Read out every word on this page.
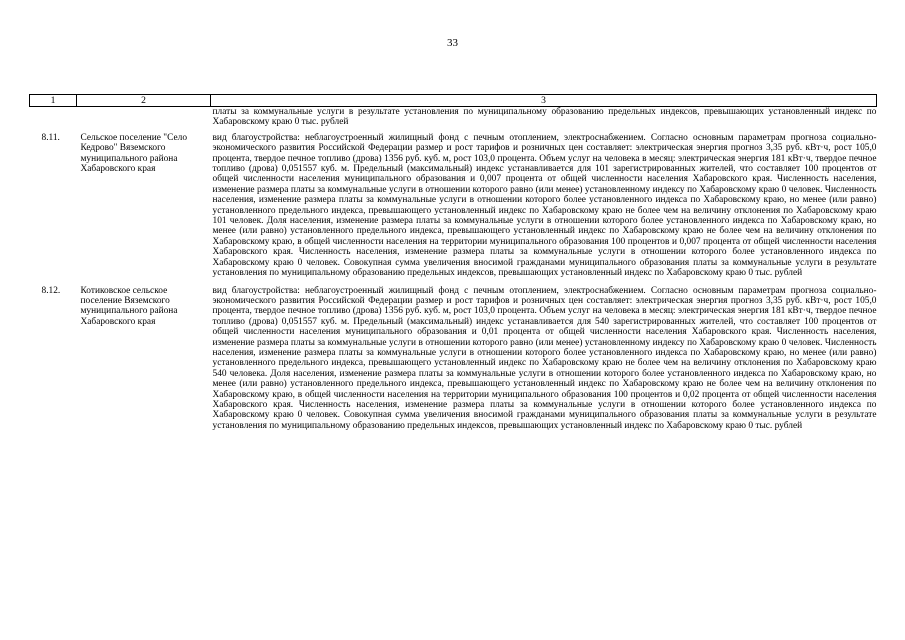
33
1	2	3
		платы за коммунальные услуги в результате установления по муниципальному образованию предельных индексов, превышающих установленный индекс по Хабаровскому краю 0 тыс. рублей
8.11.	Сельское поселение "Село Кедрово" Вяземского муниципального района Хабаровского края	вид благоустройства: неблагоустроенный жилищный фонд с печным отоплением, электроснабжением. Согласно основным параметрам прогноза социально-экономического развития Российской Федерации размер и рост тарифов и розничных цен составляет: электрическая энергия прогноз 3,35 руб. кВт·ч, рост 105,0 процента, твердое печное топливо (дрова) 1356 руб. куб. м, рост 103,0 процента. Объем услуг на человека в месяц: электрическая энергия 181 кВт·ч, твердое печное топливо (дрова) 0,051557 куб. м. Предельный (максимальный) индекс устанавливается для 101 зарегистрированных жителей, что составляет 100 процентов от общей численности населения муниципального образования и 0,007 процента от общей численности населения Хабаровского края. Численность населения, изменение размера платы за коммунальные услуги в отношении которого равно (или менее) установленному индексу по Хабаровскому краю 0 человек. Численность населения, изменение размера платы за коммунальные услуги в отношении которого более установленного индекса по Хабаровскому краю, но менее (или равно) установленного предельного индекса, превышающего установленный индекс по Хабаровскому краю не более чем на величину отклонения по Хабаровскому краю 101 человек. Доля населения, изменение размера платы за коммунальные услуги в отношении которого более установленного индекса по Хабаровскому краю, но менее (или равно) установленного предельного индекса, превышающего установленный индекс по Хабаровскому краю не более чем на величину отклонения по Хабаровскому краю, в общей численности населения на территории муниципального образования 100 процентов и 0,007 процента от общей численности населения Хабаровского края. Численность населения, изменение размера платы за коммунальные услуги в отношении которого более установленного индекса по Хабаровскому краю 0 человек. Совокупная сумма увеличения вносимой гражданами муниципального образования платы за коммунальные услуги в результате установления по муниципальному образованию предельных индексов, превышающих установленный индекс по Хабаровскому краю 0 тыс. рублей
8.12.	Котиковское сельское поселение Вяземского муниципального района Хабаровского края	вид благоустройства: неблагоустроенный жилищный фонд с печным отоплением, электроснабжением. Согласно основным параметрам прогноза социально-экономического развития Российской Федерации размер и рост тарифов и розничных цен составляет: электрическая энергия прогноз 3,35 руб. кВт·ч, рост 105,0 процента, твердое печное топливо (дрова) 1356 руб. куб. м, рост 103,0 процента. Объем услуг на человека в месяц: электрическая энергия 181 кВт·ч, твердое печное топливо (дрова) 0,051557 куб. м. Предельный (максимальный) индекс устанавливается для 540 зарегистрированных жителей, что составляет 100 процентов от общей численности населения муниципального образования и 0,01 процента от общей численности населения Хабаровского края. Численность населения, изменение размера платы за коммунальные услуги в отношении которого равно (или менее) установленному индексу по Хабаровскому краю 0 человек. Численность населения, изменение размера платы за коммунальные услуги в отношении которого более установленного индекса по Хабаровскому краю, но менее (или равно) установленного предельного индекса, превышающего установленный индекс по Хабаровскому краю не более чем на величину отклонения по Хабаровскому краю 540 человека. Доля населения, изменение размера платы за коммунальные услуги в отношении которого более установленного индекса по Хабаровскому краю, но менее (или равно) установленного предельного индекса, превышающего установленный индекс по Хабаровскому краю не более чем на величину отклонения по Хабаровскому краю, в общей численности населения на территории муниципального образования 100 процентов и 0,02 процента от общей численности населения Хабаровского края. Численность населения, изменение размера платы за коммунальные услуги в отношении которого более установленного индекса по Хабаровскому краю 0 человек. Совокупная сумма увеличения вносимой гражданами муниципального образования платы за коммунальные услуги в результате установления по муниципальному образованию предельных индексов, превышающих установленный индекс по Хабаровскому краю 0 тыс. рублей
